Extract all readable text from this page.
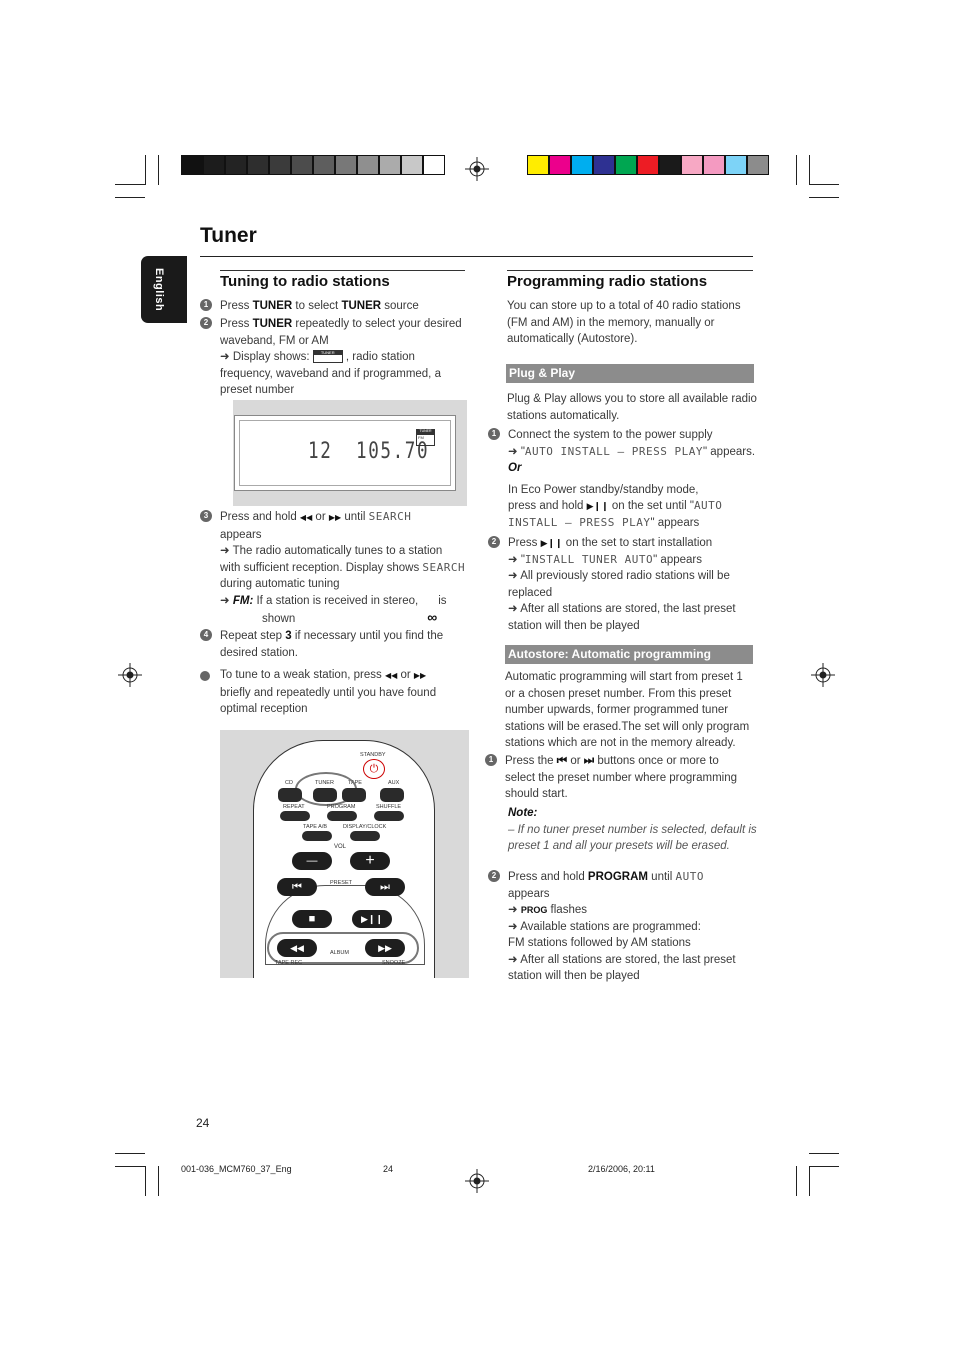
Tuner
English	Tuning to radio stations
1	Press TUNER to select TUNER source
2	Press TUNER repeatedly to select your desired
waveband, FM or AM
➜ Display shows: TUNER , radio station
frequency, waveband and if programmed, a
preset number
12 105.70
TUNER
FM
3	Press and hold ◀◀ or ▶▶ until SEARCH
appears
➜ The radio automatically tunes to a station
with sufficient reception. Display shows SEARCH
during automatic tuning
➜ FM: If a station is received in stereo, is
shown	∞
4	Repeat step 3 if necessary until you find the
desired station.
To tune to a weak station, press ◀◀ or ▶▶
briefly and repeatedly until you have found
optimal reception
STANDBY
⏻
CD	TUNER	TAPE	AUX
REPEAT	PROGRAM	SHUFFLE
TAPE A/B	DISPLAY/CLOCK
VOL
—	+
PRESET
⏮	⏭
■	▶❙❙
◀◀	▶▶
ALBUM
TAPE REC	SNOOZE
Programming radio stations
You can store up to a total of 40 radio stations
(FM and AM) in the memory, manually or
automatically (Autostore).
Plug & Play
Plug & Play allows you to store all available radio
stations automatically.
1	Connect the system to the power supply
➜ "AUTO INSTALL – PRESS PLAY" appears.
Or
In Eco Power standby/standby mode,
press and hold ▶❙❙ on the set until "AUTO
INSTALL – PRESS PLAY" appears
2	Press ▶❙❙ on the set to start installation
➜ "INSTALL TUNER AUTO" appears
➜ All previously stored radio stations will be
replaced
➜ After all stations are stored, the last preset
station will then be played
Autostore: Automatic programming
Automatic programming will start from preset 1
or a chosen preset number. From this preset
number upwards, former programmed tuner
stations will be erased.The set will only program
stations which are not in the memory already.
1	Press the ⏮ or ⏭ buttons once or more to
select the preset number where programming
should start.
Note:
– If no tuner preset number is selected, default is
preset 1 and all your presets will be erased.
2	Press and hold PROGRAM until AUTO
appears
➜ PROG flashes
➜ Available stations are programmed:
FM stations followed by AM stations
➜ After all stations are stored, the last preset
station will then be played
24
001-036_MCM760_37_Eng	24	2/16/2006, 20:11
